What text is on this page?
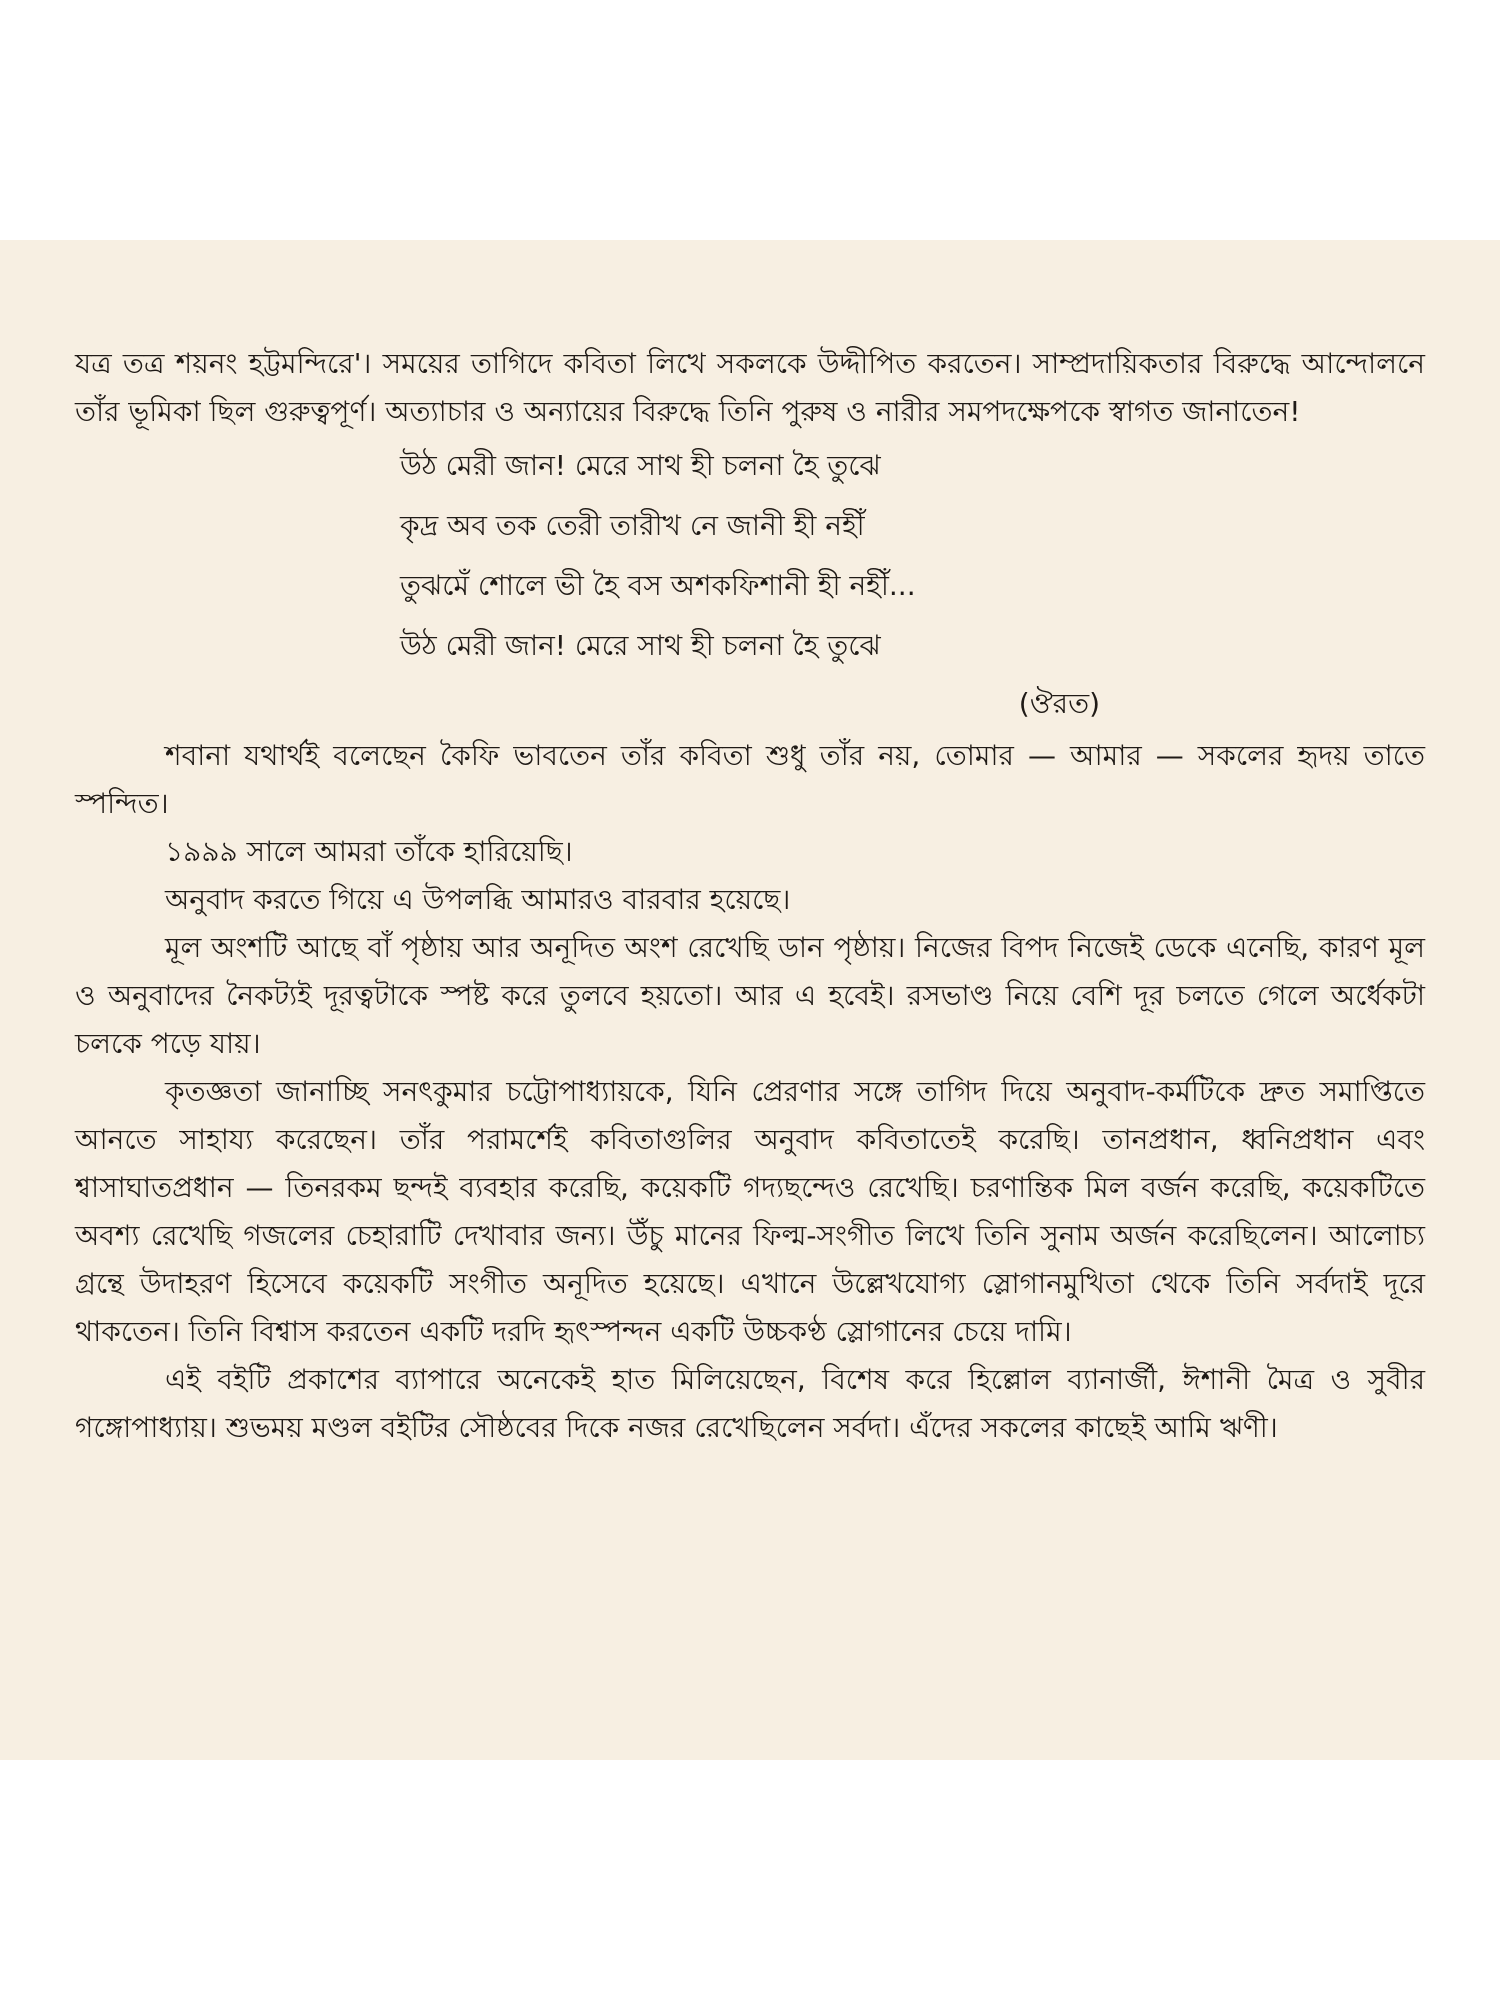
যত্র তত্র শয়নং হট্টমন্দিরে'। সময়ের তাগিদে কবিতা লিখে সকলকে উদ্দীপিত করতেন। সাম্প্রদায়িকতার বিরুদ্ধে আন্দোলনে তাঁর ভূমিকা ছিল গুরুত্বপূর্ণ। অত্যাচার ও অন্যায়ের বিরুদ্ধে তিনি পুরুষ ও নারীর সমপদক্ষেপকে স্বাগত জানাতেন!

উঠ মেরী জান! মেরে সাথ হী চলনা হৈ তুঝে
কৃদ্র অব তক তেরী তারীখ নে জানী হী নহীঁ
তুঝমেঁ শোলে ভী হৈ বস অশকফিশানী হী নহীঁ...
উঠ মেরী জান! মেরে সাথ হী চলনা হৈ তুঝে

(ঔরত)

শবানা যথার্থই বলেছেন কৈফি ভাবতেন তাঁর কবিতা শুধু তাঁর নয়, তোমার — আমার — সকলের হৃদয় তাতে স্পন্দিত।

১৯৯৯ সালে আমরা তাঁকে হারিয়েছি।

অনুবাদ করতে গিয়ে এ উপলব্ধি আমারও বারবার হয়েছে।

মূল অংশটি আছে বাঁ পৃষ্ঠায় আর অনূদিত অংশ রেখেছি ডান পৃষ্ঠায়। নিজের বিপদ নিজেই ডেকে এনেছি, কারণ মূল ও অনুবাদের নৈকট্যই দূরত্বটাকে স্পষ্ট করে তুলবে হয়তো। আর এ হবেই। রসভাণ্ড নিয়ে বেশি দূর চলতে গেলে অর্ধেকটা চলকে পড়ে যায়।

কৃতজ্ঞতা জানাচ্ছি সনৎকুমার চট্টোপাধ্যায়কে, যিনি প্রেরণার সঙ্গে তাগিদ দিয়ে অনুবাদ-কর্মটিকে দ্রুত সমাপ্তিতে আনতে সাহায্য করেছেন। তাঁর পরামর্শেই কবিতাগুলির অনুবাদ কবিতাতেই করেছি। তানপ্রধান, ধ্বনিপ্রধান এবং শ্বাসাঘাতপ্রধান — তিনরকম ছন্দই ব্যবহার করেছি, কয়েকটি গদ্যছন্দেও রেখেছি। চরণান্তিক মিল বর্জন করেছি, কয়েকটিতে অবশ্য রেখেছি গজলের চেহারাটি দেখাবার জন্য। উঁচু মানের ফিল্ম-সংগীত লিখে তিনি সুনাম অর্জন করেছিলেন। আলোচ্য গ্রন্থে উদাহরণ হিসেবে কয়েকটি সংগীত অনূদিত হয়েছে। এখানে উল্লেখযোগ্য স্লোগানমুখিতা থেকে তিনি সর্বদাই দূরে থাকতেন। তিনি বিশ্বাস করতেন একটি দরদি হৃৎস্পন্দন একটি উচ্চকণ্ঠ স্লোগানের চেয়ে দামি।

এই বইটি প্রকাশের ব্যাপারে অনেকেই হাত মিলিয়েছেন, বিশেষ করে হিল্লোল ব্যানার্জী, ঈশানী মৈত্র ও সুবীর গঙ্গোপাধ্যায়। শুভময় মণ্ডল বইটির সৌষ্ঠবের দিকে নজর রেখেছিলেন সর্বদা। এঁদের সকলের কাছেই আমি ঋণী।
